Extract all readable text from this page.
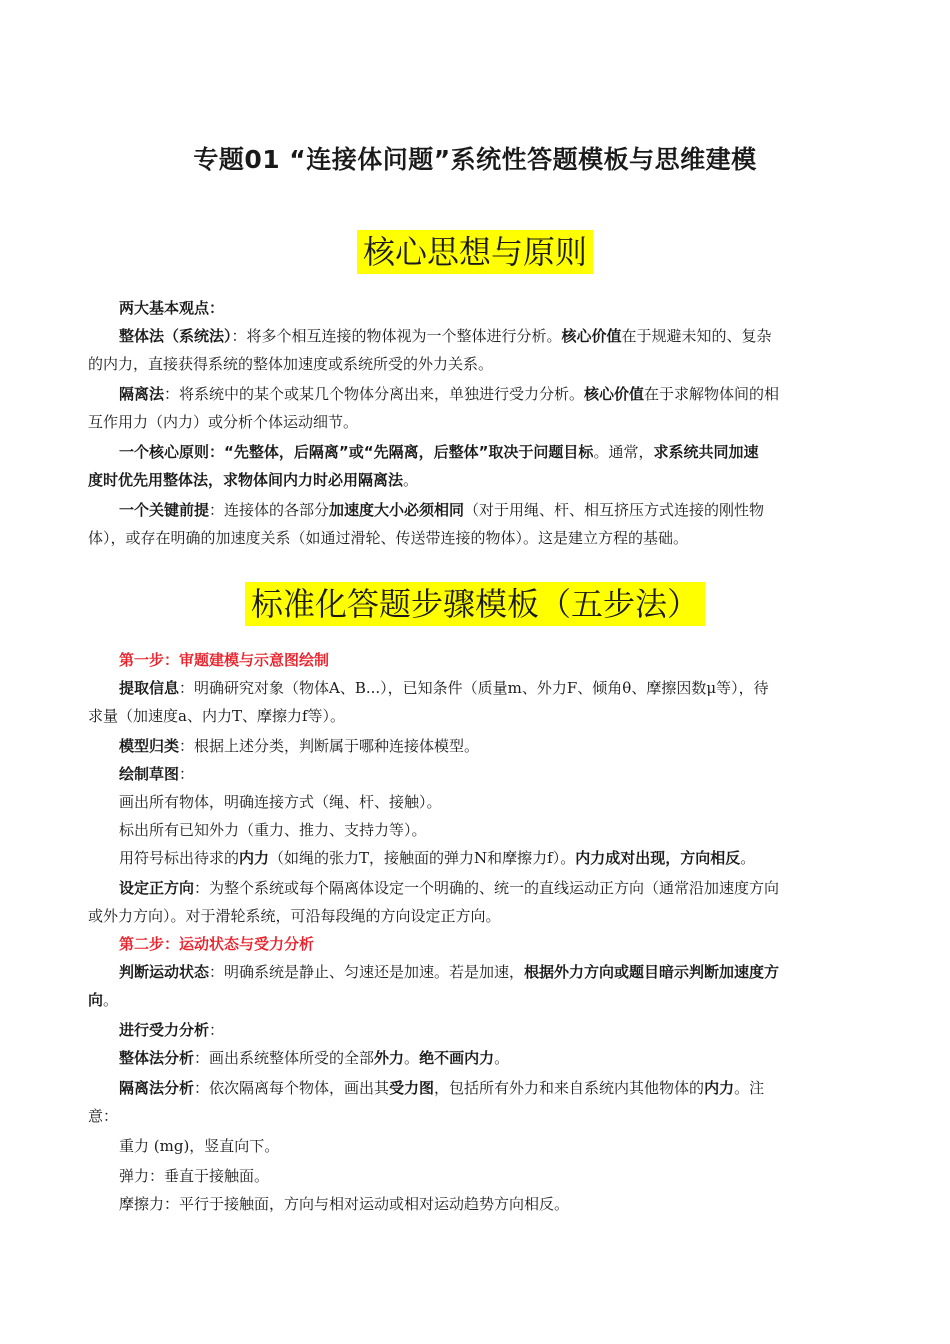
专题01 “连接体问题”系统性答题模板与思维建模
核心思想与原则

两大基本观点：

整体法（系统法）：将多个相互连接的物体视为一个整体进行分析。核心价值在于规避未知的、复杂

的内力，直接获得系统的整体加速度或系统所受的外力关系。

隔离法：将系统中的某个或某几个物体分离出来，单独进行受力分析。核心价值在于求解物体间的相

互作用力（内力）或分析个体运动细节。

一个核心原则：“先整体，后隔离”或“先隔离，后整体”取决于问题目标。通常，求系统共同加速

度时优先用整体法，求物体间内力时必用隔离法。

一个关键前提：连接体的各部分加速度大小必须相同（对于用绳、杆、相互挤压方式连接的刚性物

体），或存在明确的加速度关系（如通过滑轮、传送带连接的物体）。这是建立方程的基础。

标准化答题步骤模板（五步法）

第一步：审题建模与示意图绘制

提取信息：明确研究对象（物体A、B...），已知条件（质量m、外力F、倾角θ、摩擦因数μ等），待

求量（加速度a、内力T、摩擦力f等）。

模型归类：根据上述分类，判断属于哪种连接体模型。

绘制草图：

画出所有物体，明确连接方式（绳、杆、接触）。

标出所有已知外力（重力、推力、支持力等）。

用符号标出待求的内力（如绳的张力T，接触面的弹力N和摩擦力f）。内力成对出现，方向相反。

设定正方向：为整个系统或每个隔离体设定一个明确的、统一的直线运动正方向（通常沿加速度方向

或外力方向）。对于滑轮系统，可沿每段绳的方向设定正方向。

第二步：运动状态与受力分析

判断运动状态：明确系统是静止、匀速还是加速。若是加速，根据外力方向或题目暗示判断加速度方

向。

进行受力分析：

整体法分析：画出系统整体所受的全部外力。绝不画内力。

隔离法分析：依次隔离每个物体，画出其受力图，包括所有外力和来自系统内其他物体的内力。注

意：

重力 (mg)，竖直向下。

弹力：垂直于接触面。

摩擦力：平行于接触面，方向与相对运动或相对运动趋势方向相反。
